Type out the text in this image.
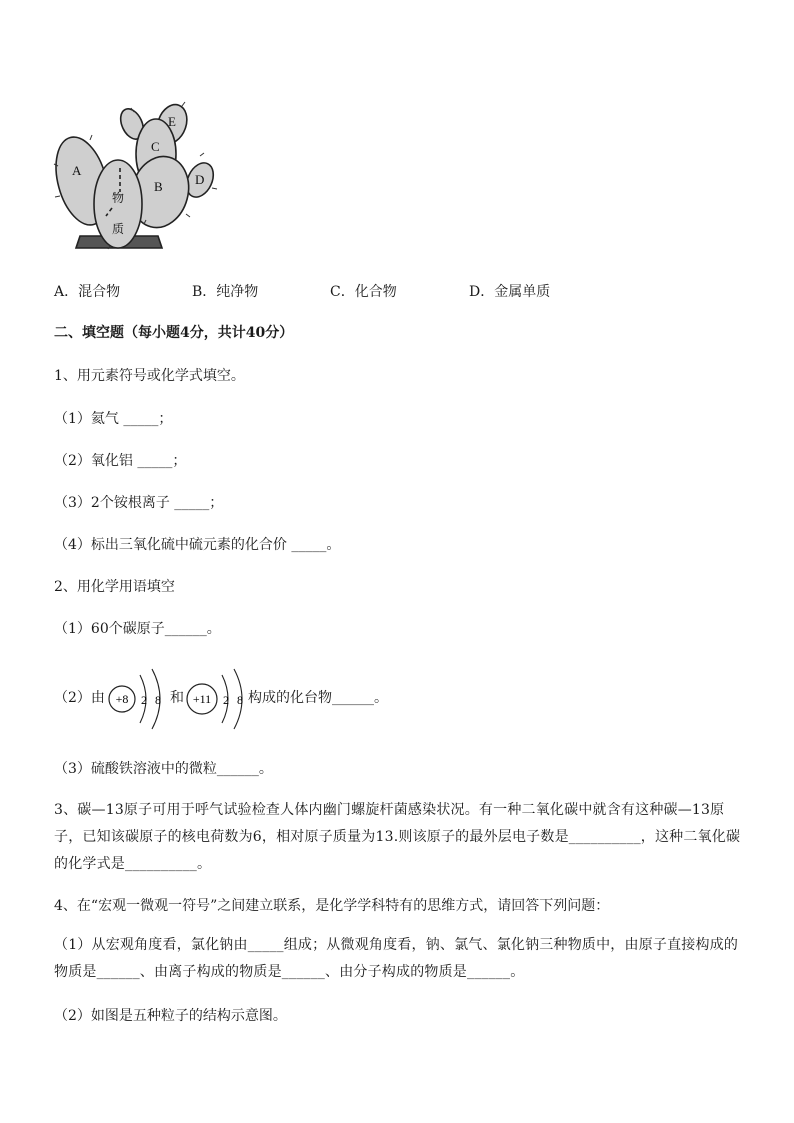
A
C
E
B D
物
质
A．混合物	B．纯净物	C．化合物	D．金属单质
二、填空题（每小题4分，共计40分）
1、用元素符号或化学式填空。
（1）氦气 _____；
（2）氧化铝 _____；
（3）2个铵根离子 _____；
（4）标出三氧化硫中硫元素的化合价 _____。
2、用化学用语填空
（1）60个碳原子______。
（2）由 +8 2 8 和 +11 2 8 构成的化台物______。
（3）硫酸铁溶液中的微粒______。
3、碳—13原子可用于呼气试验检查人体内幽门螺旋杆菌感染状况。有一种二氧化碳中就含有这种碳—13原子，已知该碳原子的核电荷数为6，相对原子质量为13.则该原子的最外层电子数是__________，这种二氧化碳的化学式是__________。
4、在“宏观一微观一符号”之间建立联系，是化学学科特有的思维方式，请回答下列问题：
（1）从宏观角度看，氯化钠由_____组成；从微观角度看，钠、氯气、氯化钠三种物质中，由原子直接构成的物质是______、由离子构成的物质是______、由分子构成的物质是______。
（2）如图是五种粒子的结构示意图。
